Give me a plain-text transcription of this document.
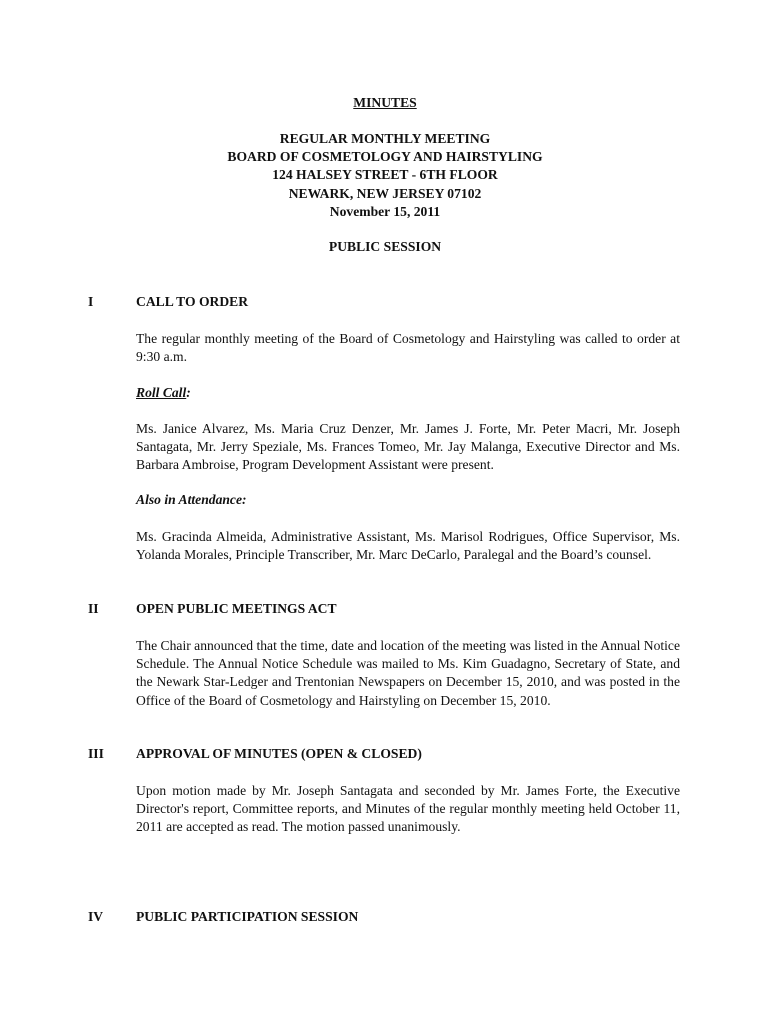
MINUTES
REGULAR MONTHLY MEETING
BOARD OF COSMETOLOGY AND HAIRSTYLING
124 HALSEY STREET - 6TH FLOOR
NEWARK, NEW JERSEY 07102
November 15, 2011
PUBLIC SESSION
I	CALL TO ORDER
The regular monthly meeting of the Board of Cosmetology and Hairstyling was called to order at 9:30 a.m.
Roll Call:
Ms. Janice Alvarez, Ms. Maria Cruz Denzer, Mr. James J. Forte, Mr. Peter Macri, Mr. Joseph Santagata, Mr. Jerry Speziale, Ms. Frances Tomeo, Mr. Jay Malanga, Executive Director and Ms. Barbara Ambroise, Program Development Assistant were present.
Also in Attendance:
Ms. Gracinda Almeida, Administrative Assistant, Ms. Marisol Rodrigues, Office Supervisor, Ms. Yolanda Morales, Principle Transcriber, Mr. Marc DeCarlo, Paralegal and the Board’s counsel.
II	OPEN PUBLIC MEETINGS ACT
The Chair announced that the time, date and location of the meeting was listed in the Annual Notice Schedule. The Annual Notice Schedule was mailed to Ms. Kim Guadagno, Secretary of State, and the Newark Star-Ledger and Trentonian Newspapers on December 15, 2010, and was posted in the Office of the Board of Cosmetology and Hairstyling on December 15, 2010.
III APPROVAL OF MINUTES (OPEN & CLOSED)
Upon motion made by Mr. Joseph Santagata and seconded by Mr. James Forte, the Executive Director's report, Committee reports, and Minutes of the regular monthly meeting held October 11, 2011 are accepted as read. The motion passed unanimously.
IV PUBLIC PARTICIPATION SESSION
